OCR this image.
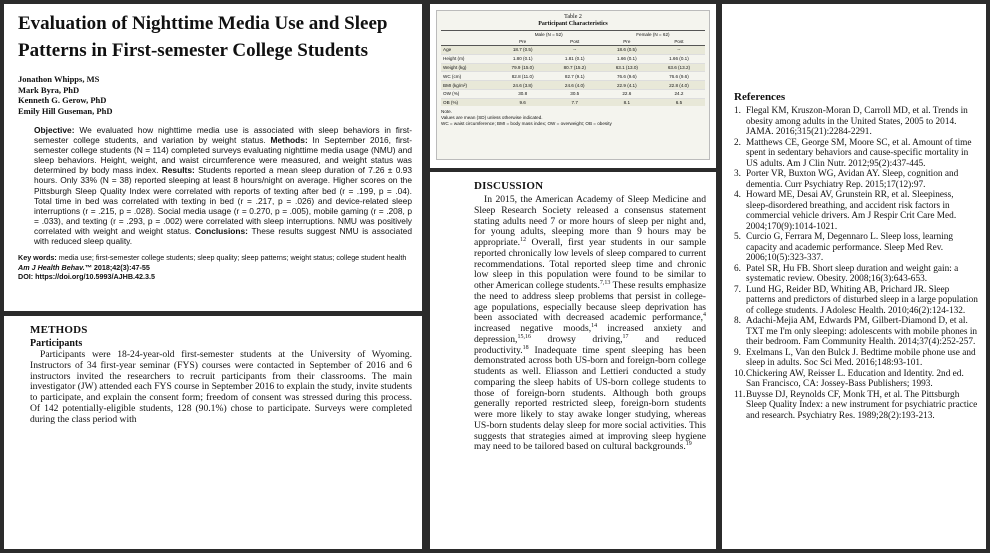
Evaluation of Nighttime Media Use and Sleep Patterns in First-semester College Students
Jonathon Whipps, MS
Mark Byra, PhD
Kenneth G. Gerow, PhD
Emily Hill Guseman, PhD
Objective: We evaluated how nighttime media use is associated with sleep behaviors in first-semester college students, and variation by weight status. Methods: In September 2016, first-semester college students (N = 114) completed surveys evaluating nighttime media usage (NMU) and sleep behaviors. Height, weight, and waist circumference were measured, and weight status was determined by body mass index. Results: Students reported a mean sleep duration of 7.26 ± 0.93 hours. Only 33% (N = 38) reported sleeping at least 8 hours/night on average. Higher scores on the Pittsburgh Sleep Quality Index were correlated with reports of texting after bed (r = .199, p = .04). Total time in bed was correlated with texting in bed (r = .217, p = .026) and device-related sleep interruptions (r = .215, p = .028). Social media usage (r = 0.270, p = .005), mobile gaming (r = .208, p = .033), and texting (r = .293, p = .002) were correlated with sleep interruptions. NMU was positively correlated with weight and weight status. Conclusions: These results suggest NMU is associated with reduced sleep quality.
Key words: media use; first-semester college students; sleep quality; sleep patterns; weight status; college student health
Am J Health Behav.™ 2018;42(3):47-55
DOI: https://doi.org/10.5993/AJHB.42.3.5
METHODS
Participants

Participants were 18-24-year-old first-semester students at the University of Wyoming. Instructors of 34 first-year seminar (FYS) courses were contacted in September of 2016 and 6 instructors invited the researchers to recruit participants from their classrooms. The main investigator (JW) attended each FYS course in September 2016 to explain the study, invite students to participate, and explain the consent form; freedom of consent was stressed during this process. Of 142 potentially-eligible students, 128 (90.1%) chose to participate. Surveys were completed during the class period with

Table 2
Participant Characteristics
	Male (N = 52)		Female (N = 62)	
	Pre	Post	Pre	Post
Age	18.7 (0.5)	--	18.6 (0.5)	--
Height (m)	1.80 (0.1)	1.81 (0.1)	1.66 (0.1)	1.66 (0.1)
Weight (kg)	79.9 (15.0)	80.7 (15.2)	63.1 (13.0)	63.6 (13.2)
WC (cm)	82.8 (11.0)	82.7 (9.1)	76.6 (9.6)	76.6 (9.6)
BMI (kg/m²)	24.6 (3.8)	24.6 (4.0)	22.9 (4.1)	22.8 (4.0)
OW (%)	30.8	30.5	22.6	24.2
OB (%)	9.6	7.7	8.1	6.5
Note.
Values are mean (SD) unless otherwise indicated.
WC = waist circumference; BMI = body mass index; OW = overweight; OB = obesity
DISCUSSION

In 2015, the American Academy of Sleep Medicine and Sleep Research Society released a consensus statement stating adults need 7 or more hours of sleep per night and, for young adults, sleeping more than 9 hours may be appropriate.$^{12}$ Overall, first year students in our sample reported chronically low levels of sleep compared to current recommendations. Total reported sleep time and chronic low sleep in this population were found to be similar to other American college students.$^{7,13}$ These results emphasize the need to address sleep problems that persist in college-age populations, especially because sleep deprivation has been associated with decreased academic performance,$^4$ increased negative moods,$^{14}$ increased anxiety and depression,$^{15,16}$ drowsy driving,$^{17}$ and reduced productivity.$^{18}$ Inadequate time spent sleeping has been demonstrated across both US-born and foreign-born college students as well. Eliasson and Lettieri conducted a study comparing the sleep habits of US-born college students to those of foreign-born students. Although both groups generally reported restricted sleep, foreign-born students were more likely to stay awake longer studying, whereas US-born students delay sleep for more social activities. This suggests that strategies aimed at improving sleep hygiene may need to be tailored based on cultural backgrounds.$^{19}$

References
1. Flegal KM, Kruszon-Moran D, Carroll MD, et al. Trends in obesity among adults in the United States, 2005 to 2014. JAMA. 2016;315(21):2284-2291.
2. Matthews CE, George SM, Moore SC, et al. Amount of time spent in sedentary behaviors and cause-specific mortality in US adults. Am J Clin Nutr. 2012;95(2):437-445.
3. Porter VR, Buxton WG, Avidan AY. Sleep, cognition and dementia. Curr Psychiatry Rep. 2015;17(12):97.
4. Howard ME, Desai AV, Grunstein RR, et al. Sleepiness, sleep-disordered breathing, and accident risk factors in commercial vehicle drivers. Am J Respir Crit Care Med. 2004;170(9):1014-1021.
5. Curcio G, Ferrara M, Degennaro L. Sleep loss, learning capacity and academic performance. Sleep Med Rev. 2006;10(5):323-337.
6. Patel SR, Hu FB. Short sleep duration and weight gain: a systematic review. Obesity. 2008;16(3):643-653.
7. Lund HG, Reider BD, Whiting AB, Prichard JR. Sleep patterns and predictors of disturbed sleep in a large population of college students. J Adolesc Health. 2010;46(2):124-132.
8. Adachi-Mejia AM, Edwards PM, Gilbert-Diamond D, et al. TXT me I'm only sleeping: adolescents with mobile phones in their bedroom. Fam Community Health. 2014;37(4):252-257.
9. Exelmans L, Van den Bulck J. Bedtime mobile phone use and sleep in adults. Soc Sci Med. 2016;148:93-101.
10. Chickering AW, Reisser L. Education and Identity. 2nd ed. San Francisco, CA: Jossey-Bass Publishers; 1993.
11. Buysse DJ, Reynolds CF, Monk TH, et al. The Pittsburgh Sleep Quality Index: a new instrument for psychiatric practice and research. Psychiatry Res. 1989;28(2):193-213.
